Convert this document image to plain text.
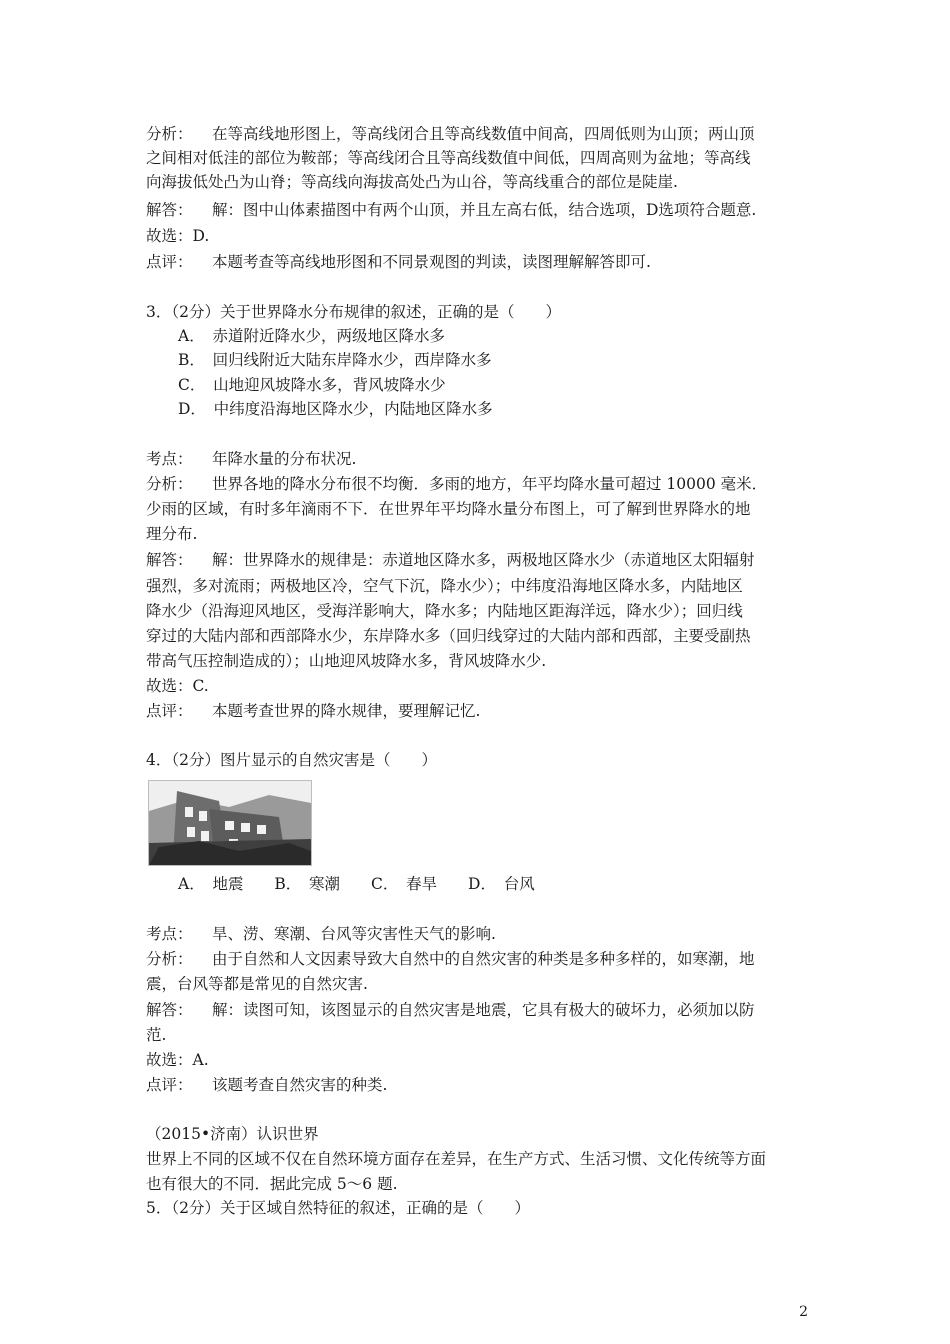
分析： 在等高线地形图上，等高线闭合且等高线数值中间高，四周低则为山顶；两山顶
之间相对低洼的部位为鞍部；等高线闭合且等高线数值中间低，四周高则为盆地；等高线
向海拔低处凸为山脊；等高线向海拔高处凸为山谷，等高线重合的部位是陡崖.
解答： 解：图中山体素描图中有两个山顶，并且左高右低，结合选项，D选项符合题意.
故选：D.
点评： 本题考查等高线地形图和不同景观图的判读，读图理解解答即可.
3．（2分）关于世界降水分布规律的叙述，正确的是（　　）
A．　赤道附近降水少，两级地区降水多
B．　回归线附近大陆东岸降水少，西岸降水多
C．　山地迎风坡降水多，背风坡降水少
D．　中纬度沿海地区降水少，内陆地区降水多
考点： 年降水量的分布状况.
分析： 世界各地的降水分布很不均衡．多雨的地方，年平均降水量可超过 10000 毫米．
少雨的区域，有时多年滴雨不下．在世界年平均降水量分布图上，可了解到世界降水的地
理分布.
解答： 解：世界降水的规律是：赤道地区降水多，两极地区降水少（赤道地区太阳辐射
强烈，多对流雨；两极地区冷，空气下沉，降水少）；中纬度沿海地区降水多，内陆地区
降水少（沿海迎风地区，受海洋影响大，降水多；内陆地区距海洋远，降水少）；回归线
穿过的大陆内部和西部降水少，东岸降水多（回归线穿过的大陆内部和西部，主要受副热
带高气压控制造成的）；山地迎风坡降水多，背风坡降水少.
故选：C.
点评： 本题考查世界的降水规律，要理解记忆.
4．（2分）图片显示的自然灾害是（　　）
A．　地震 B．　寒潮 C．　春旱 D．　台风
考点： 旱、涝、寒潮、台风等灾害性天气的影响.
分析： 由于自然和人文因素导致大自然中的自然灾害的种类是多种多样的，如寒潮，地
震，台风等都是常见的自然灾害.
解答： 解：读图可知，该图显示的自然灾害是地震，它具有极大的破坏力，必须加以防
范.
故选：A.
点评： 该题考查自然灾害的种类.
（2015•济南）认识世界
世界上不同的区域不仅在自然环境方面存在差异，在生产方式、生活习惯、文化传统等方面
也有很大的不同．据此完成 5～6 题.
5．（2分）关于区域自然特征的叙述，正确的是（　　）
2
